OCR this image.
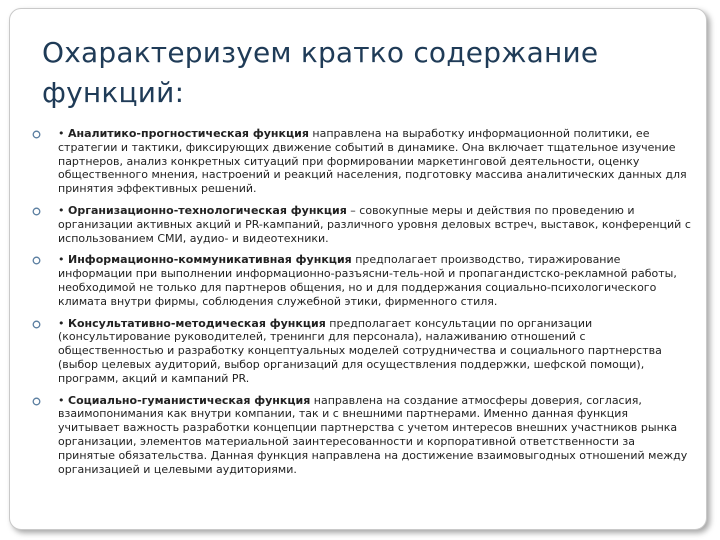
Охарактеризуем кратко содержание функций:
• Аналитико-прогностическая функция направлена на выработку информационной политики, ее стратегии и тактики, фиксирующих движение событий в динамике. Она включает тщательное изучение партнеров, анализ конкретных ситуаций при формировании маркетинговой деятельности, оценку общественного мнения, настроений и реакций населения, подготовку массива аналитических данных для принятия эффективных решений.
• Организационно-технологическая функция – совокупные меры и действия по проведению и организации активных акций и PR-кампаний, различного уровня деловых встреч, выставок, конференций с использованием СМИ, аудио- и видеотехники.
• Информационно-коммуникативная функция предполагает производство, тиражирование информации при выполнении информационно-разъясни-тель-ной и пропагандистско-рекламной работы, необходимой не только для партнеров общения, но и для поддержания социально-психологического климата внутри фирмы, соблюдения служебной этики, фирменного стиля.
• Консультативно-методическая функция предполагает консультации по организации (консультирование руководителей, тренинги для персонала), налаживанию отношений с общественностью и разработку концептуальных моделей сотрудничества и социального партнерства (выбор целевых аудиторий, выбор организаций для осуществления поддержки, шефской помощи), программ, акций и кампаний PR.
• Социально-гуманистическая функция направлена на создание атмосферы доверия, согласия, взаимопонимания как внутри компании, так и с внешними партнерами. Именно данная функция учитывает важность разработки концепции партнерства с учетом интересов внешних участников рынка организации, элементов материальной заинтересованности и корпоративной ответственности за принятые обязательства. Данная функция направлена на достижение взаимовыгодных отношений между организацией и целевыми аудиториями.
